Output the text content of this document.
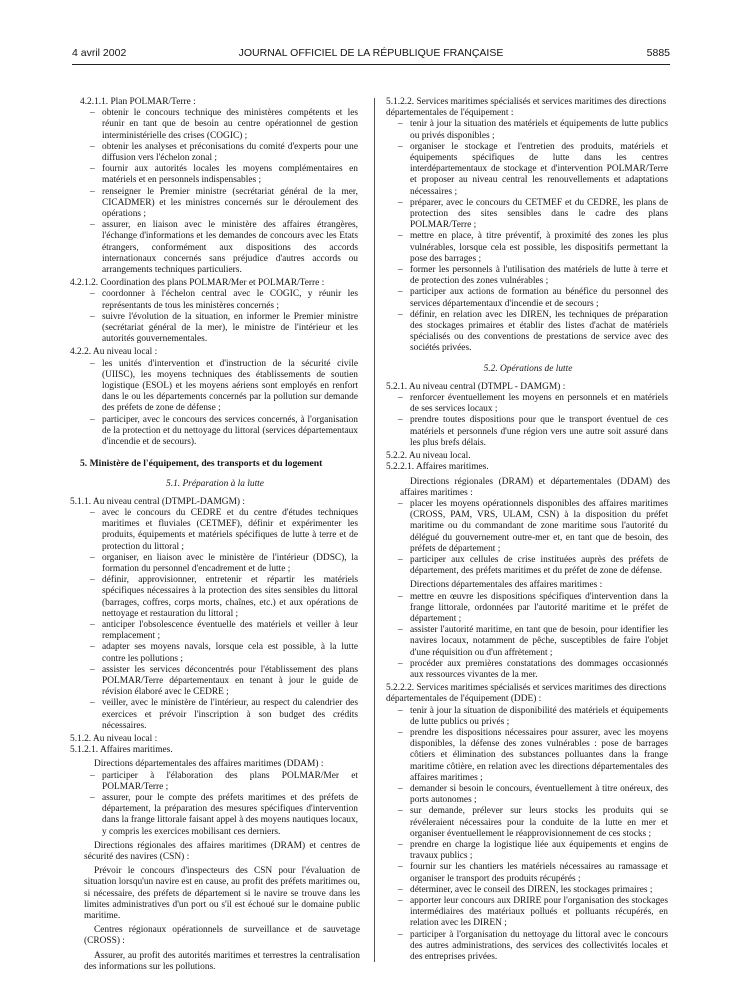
4 avril 2002	JOURNAL OFFICIEL DE LA RÉPUBLIQUE FRANÇAISE	5885
4.2.1.1. Plan POLMAR/Terre :
– obtenir le concours technique des ministères compétents et les réunir en tant que de besoin au centre opérationnel de gestion interministérielle des crises (COGIC) ;
– obtenir les analyses et préconisations du comité d'experts pour une diffusion vers l'échelon zonal ;
– fournir aux autorités locales les moyens complémentaires en matériels et en personnels indispensables ;
– renseigner le Premier ministre (secrétariat général de la mer, CICADMER) et les ministres concernés sur le déroulement des opérations ;
– assurer, en liaison avec le ministère des affaires étrangères, l'échange d'informations et les demandes de concours avec les Etats étrangers, conformément aux dispositions des accords internationaux concernés sans préjudice d'autres accords ou arrangements techniques particuliers.
4.2.1.2. Coordination des plans POLMAR/Mer et POLMAR/Terre :
– coordonner à l'échelon central avec le COGIC, y réunir les représentants de tous les ministères concernés ;
– suivre l'évolution de la situation, en informer le Premier ministre (secrétariat général de la mer), le ministre de l'intérieur et les autorités gouvernementales.
4.2.2. Au niveau local :
– les unités d'intervention et d'instruction de la sécurité civile (UIISC), les moyens techniques des établissements de soutien logistique (ESOL) et les moyens aériens sont employés en renfort dans le ou les départements concernés par la pollution sur demande des préfets de zone de défense ;
– participer, avec le concours des services concernés, à l'organisation de la protection et du nettoyage du littoral (services départementaux d'incendie et de secours).
5. Ministère de l'équipement, des transports et du logement
5.1. Préparation à la lutte
5.1.1. Au niveau central (DTMPL-DAMGM) :
– avec le concours du CEDRE et du centre d'études techniques maritimes et fluviales (CETMEF), définir et expérimenter les produits, équipements et matériels spécifiques de lutte à terre et de protection du littoral ;
– organiser, en liaison avec le ministère de l'intérieur (DDSC), la formation du personnel d'encadrement et de lutte ;
– définir, approvisionner, entretenir et répartir les matériels spécifiques nécessaires à la protection des sites sensibles du littoral (barrages, coffres, corps morts, chaînes, etc.) et aux opérations de nettoyage et restauration du littoral ;
– anticiper l'obsolescence éventuelle des matériels et veiller à leur remplacement ;
– adapter ses moyens navals, lorsque cela est possible, à la lutte contre les pollutions ;
– assister les services déconcentrés pour l'établissement des plans POLMAR/Terre départementaux en tenant à jour le guide de révision élaboré avec le CEDRE ;
– veiller, avec le ministère de l'intérieur, au respect du calendrier des exercices et prévoir l'inscription à son budget des crédits nécessaires.
5.1.2. Au niveau local :
5.1.2.1. Affaires maritimes.
Directions départementales des affaires maritimes (DDAM) :
– participer à l'élaboration des plans POLMAR/Mer et POLMAR/Terre ;
– assurer, pour le compte des préfets maritimes et des préfets de département, la préparation des mesures spécifiques d'intervention dans la frange littorale faisant appel à des moyens nautiques locaux, y compris les exercices mobilisant ces derniers.
Directions régionales des affaires maritimes (DRAM) et centres de sécurité des navires (CSN) :
Prévoir le concours d'inspecteurs des CSN pour l'évaluation de situation lorsqu'un navire est en cause, au profit des préfets maritimes ou, si nécessaire, des préfets de département si le navire se trouve dans les limites administratives d'un port ou s'il est échoué sur le domaine public maritime.
Centres régionaux opérationnels de surveillance et de sauvetage (CROSS) :
Assurer, au profit des autorités maritimes et terrestres la centralisation des informations sur les pollutions.
5.1.2.2. Services maritimes spécialisés et services maritimes des directions départementales de l'équipement :
– tenir à jour la situation des matériels et équipements de lutte publics ou privés disponibles ;
– organiser le stockage et l'entretien des produits, matériels et équipements spécifiques de lutte dans les centres interdépartementaux de stockage et d'intervention POLMAR/Terre et proposer au niveau central les renouvellements et adaptations nécessaires ;
– préparer, avec le concours du CETMEF et du CEDRE, les plans de protection des sites sensibles dans le cadre des plans POLMAR/Terre ;
– mettre en place, à titre préventif, à proximité des zones les plus vulnérables, lorsque cela est possible, les dispositifs permettant la pose des barrages ;
– former les personnels à l'utilisation des matériels de lutte à terre et de protection des zones vulnérables ;
– participer aux actions de formation au bénéfice du personnel des services départementaux d'incendie et de secours ;
– définir, en relation avec les DIREN, les techniques de préparation des stockages primaires et établir des listes d'achat de matériels spécialisés ou des conventions de prestations de service avec des sociétés privées.
5.2. Opérations de lutte
5.2.1. Au niveau central (DTMPL - DAMGM) :
– renforcer éventuellement les moyens en personnels et en matériels de ses services locaux ;
– prendre toutes dispositions pour que le transport éventuel de ces matériels et personnels d'une région vers une autre soit assuré dans les plus brefs délais.
5.2.2. Au niveau local.
5.2.2.1. Affaires maritimes.
Directions régionales (DRAM) et départementales (DDAM) des affaires maritimes :
– placer les moyens opérationnels disponibles des affaires maritimes (CROSS, PAM, VRS, ULAM, CSN) à la disposition du préfet maritime ou du commandant de zone maritime sous l'autorité du délégué du gouvernement outre-mer et, en tant que de besoin, des préfets de département ;
– participer aux cellules de crise instituées auprès des préfets de département, des préfets maritimes et du préfet de zone de défense.
Directions départementales des affaires maritimes :
– mettre en œuvre les dispositions spécifiques d'intervention dans la frange littorale, ordonnées par l'autorité maritime et le préfet de département ;
– assister l'autorité maritime, en tant que de besoin, pour identifier les navires locaux, notamment de pêche, susceptibles de faire l'objet d'une réquisition ou d'un affrètement ;
– procéder aux premières constatations des dommages occasionnés aux ressources vivantes de la mer.
5.2.2.2. Services maritimes spécialisés et services maritimes des directions départementales de l'équipement (DDE) :
– tenir à jour la situation de disponibilité des matériels et équipements de lutte publics ou privés ;
– prendre les dispositions nécessaires pour assurer, avec les moyens disponibles, la défense des zones vulnérables : pose de barrages côtiers et élimination des substances polluantes dans la frange maritime côtière, en relation avec les directions départementales des affaires maritimes ;
– demander si besoin le concours, éventuellement à titre onéreux, des ports autonomes ;
– sur demande, prélever sur leurs stocks les produits qui se révéleraient nécessaires pour la conduite de la lutte en mer et organiser éventuellement le réapprovisionnement de ces stocks ;
– prendre en charge la logistique liée aux équipements et engins de travaux publics ;
– fournir sur les chantiers les matériels nécessaires au ramassage et organiser le transport des produits récupérés ;
– déterminer, avec le conseil des DIREN, les stockages primaires ;
– apporter leur concours aux DRIRE pour l'organisation des stockages intermédiaires des matériaux pollués et polluants récupérés, en relation avec les DIREN ;
– participer à l'organisation du nettoyage du littoral avec le concours des autres administrations, des services des collectivités locales et des entreprises privées.
